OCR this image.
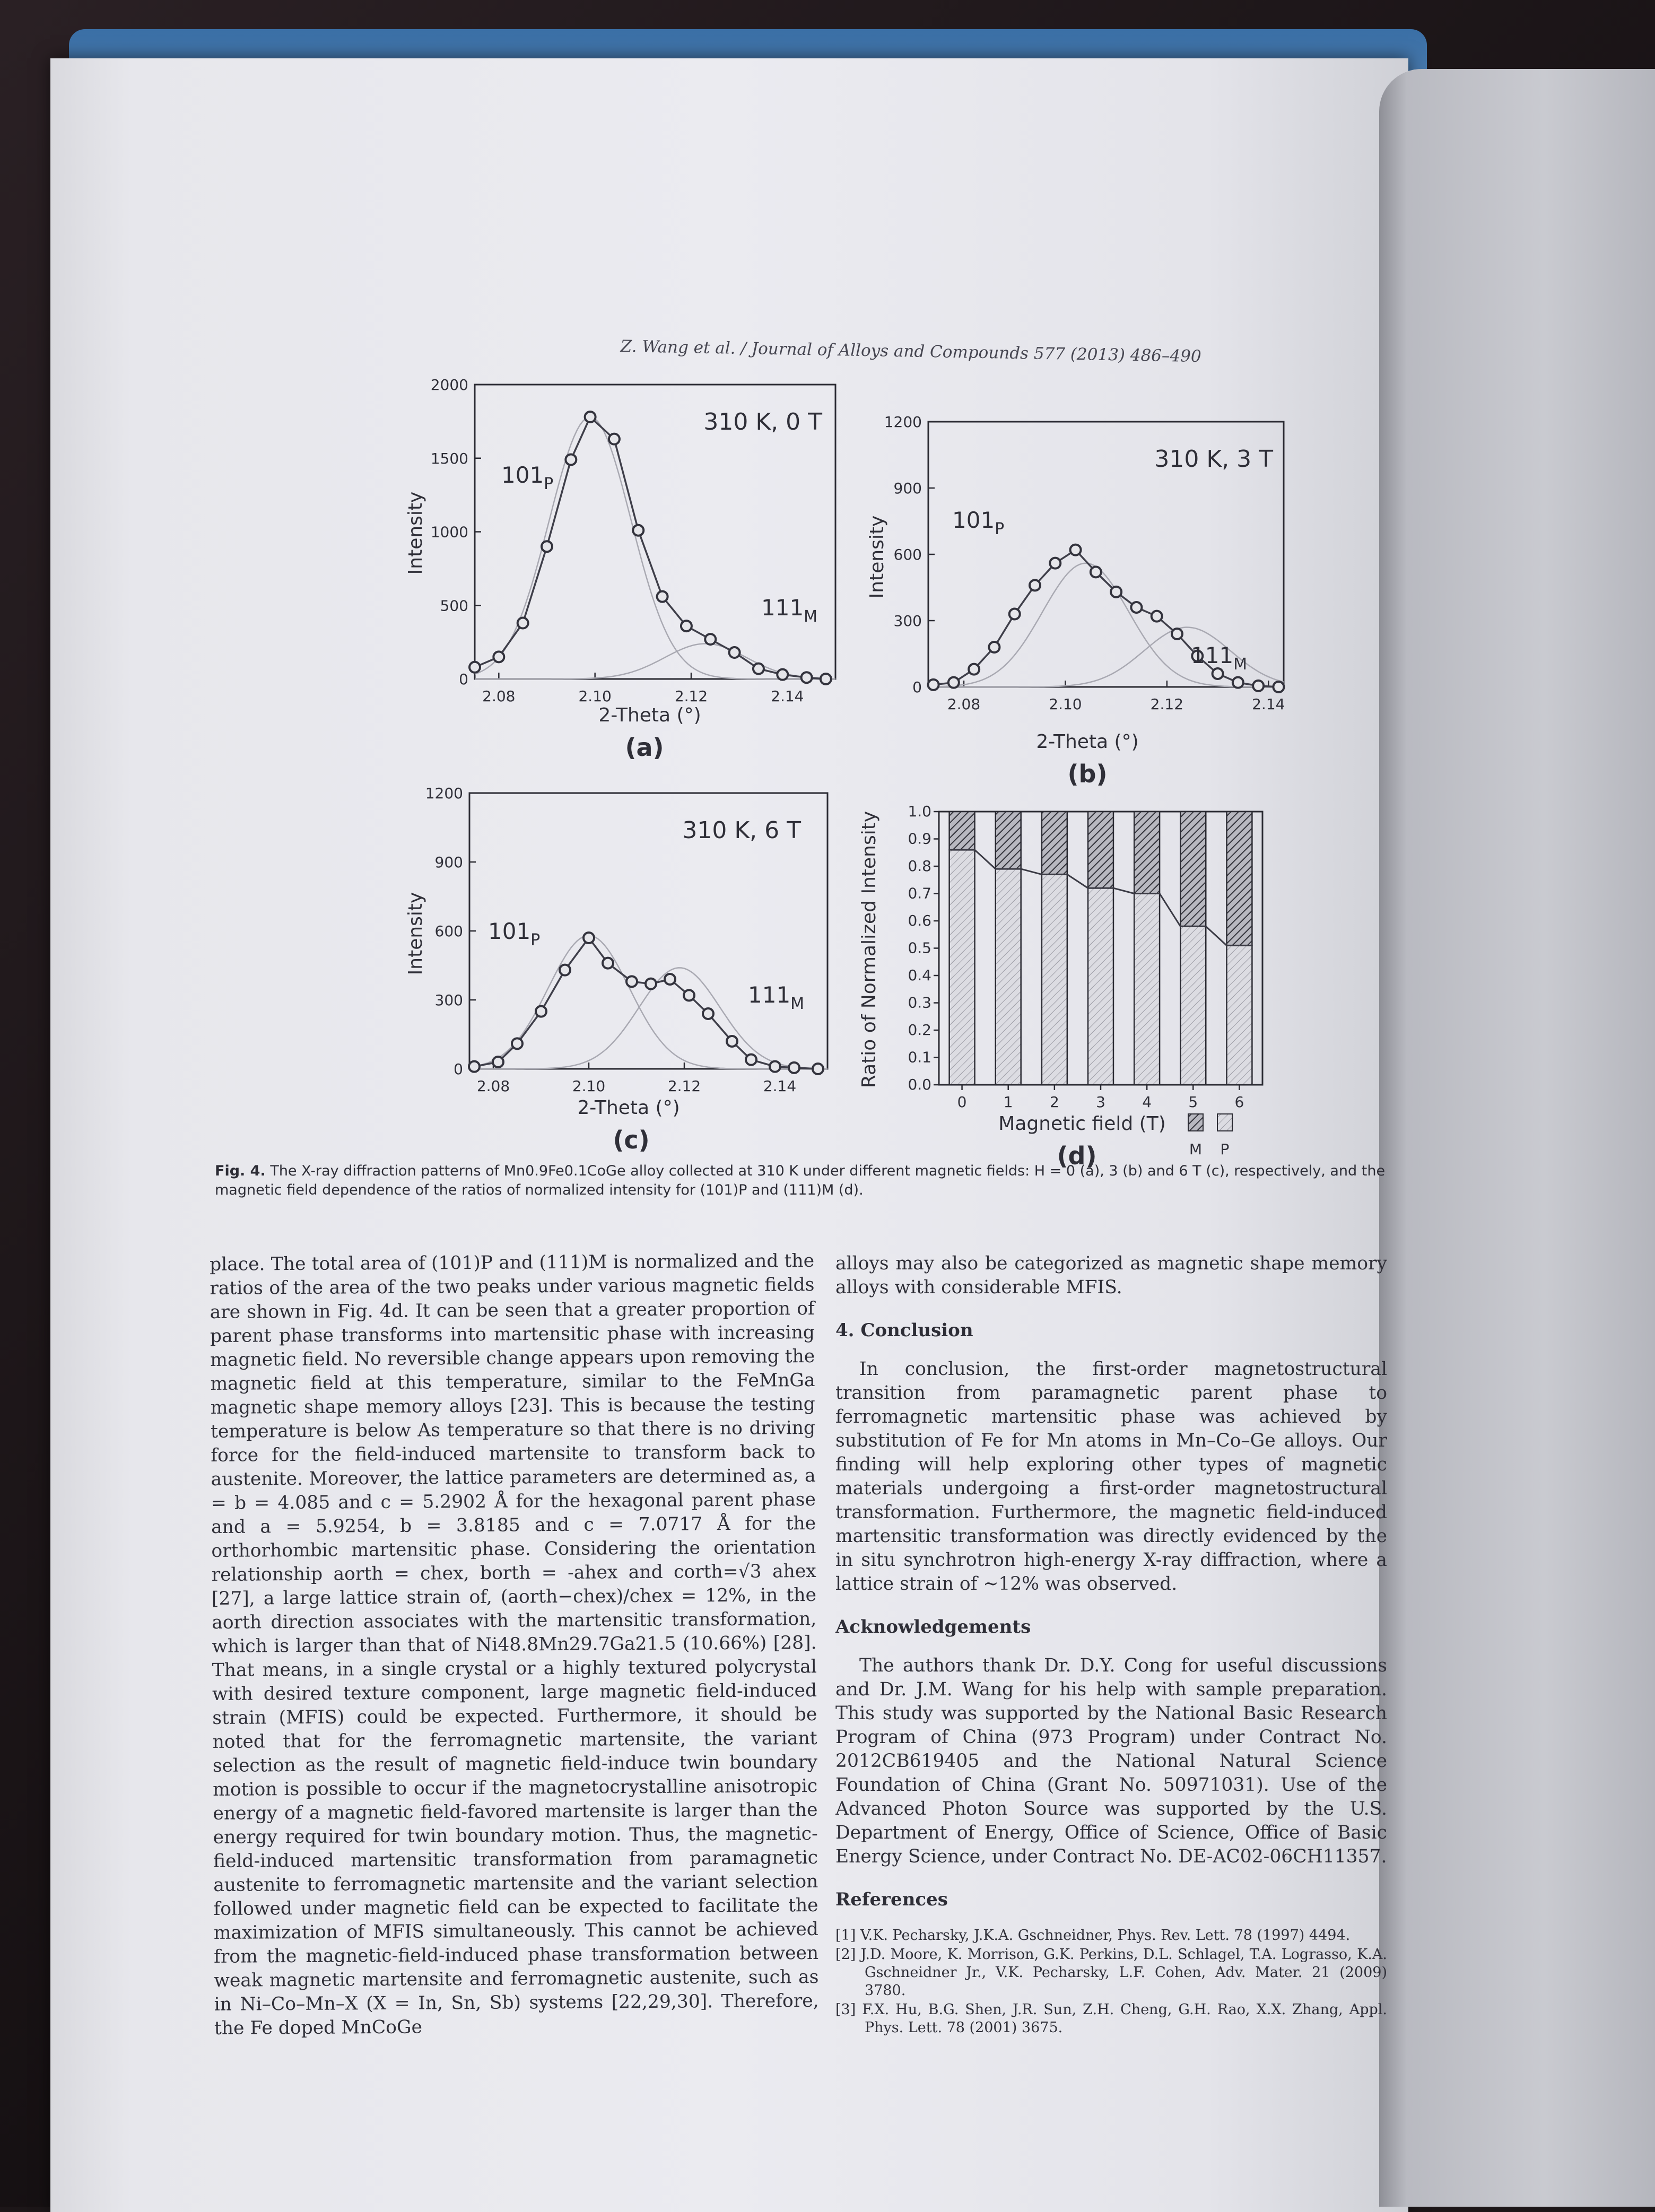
Z. Wang et al. / Journal of Alloys and Compounds 577 (2013) 486–490
2.08	2.10	2.12	2.14
0
500
1000
1500
2000
310 K, 0 T
$101_P$
$111_M$
2-Theta (°)
Intensity
(a)
2.08	2.10	2.12	2.14
0
300
600
900
1200
310 K, 3 T
$101_P$
$111_M$
2-Theta (°)
Intensity
(b)
2.08	2.10	2.12	2.14
0
300
600
900
1200
310 K, 6 T
$101_P$
$111_M$
2-Theta (°)
Intensity
(c)
0 1 2 3 4 5 6
0.0
0.1
0.2
0.3
0.4
0.5
0.6
0.7
0.8
0.9
1.0
Magnetic field (T)
Ratio of Normalized Intensity
M P
(d)
Fig. 4. The X-ray diffraction patterns of Mn0.9Fe0.1CoGe alloy collected at 310 K under different magnetic fields: H = 0 (a), 3 (b) and 6 T (c), respectively, and the magnetic field dependence of the ratios of normalized intensity for (101)P and (111)M (d).
place. The total area of (101)P and (111)M is normalized and the ratios of the area of the two peaks under various magnetic fields are shown in Fig. 4d. It can be seen that a greater proportion of parent phase transforms into martensitic phase with increasing magnetic field. No reversible change appears upon removing the magnetic field at this temperature, similar to the FeMnGa magnetic shape memory alloys [23]. This is because the testing temperature is below As temperature so that there is no driving force for the field-induced martensite to transform back to austenite. Moreover, the lattice parameters are determined as, a = b = 4.085 and c = 5.2902 Å for the hexagonal parent phase and a = 5.9254, b = 3.8185 and c = 7.0717 Å for the orthorhombic martensitic phase. Considering the orientation relationship aorth = chex, borth = -ahex and corth=√3 ahex [27], a large lattice strain of, (aorth−chex)/chex = 12%, in the aorth direction associates with the martensitic transformation, which is larger than that of Ni48.8Mn29.7Ga21.5 (10.66%) [28]. That means, in a single crystal or a highly textured polycrystal with desired texture component, large magnetic field-induced strain (MFIS) could be expected. Furthermore, it should be noted that for the ferromagnetic martensite, the variant selection as the result of magnetic field-induce twin boundary motion is possible to occur if the magnetocrystalline anisotropic energy of a magnetic field-favored martensite is larger than the energy required for twin boundary motion. Thus, the magnetic-field-induced martensitic transformation from paramagnetic austenite to ferromagnetic martensite and the variant selection followed under magnetic field can be expected to facilitate the maximization of MFIS simultaneously. This cannot be achieved from the magnetic-field-induced phase transformation between weak magnetic martensite and ferromagnetic austenite, such as in Ni–Co–Mn–X (X = In, Sn, Sb) systems [22,29,30]. Therefore, the Fe doped MnCoGe
alloys may also be categorized as magnetic shape memory alloys with considerable MFIS.
4. Conclusion
In conclusion, the first-order magnetostructural transition from paramagnetic parent phase to ferromagnetic martensitic phase was achieved by substitution of Fe for Mn atoms in Mn–Co–Ge alloys. Our finding will help exploring other types of magnetic materials undergoing a first-order magnetostructural transformation. Furthermore, the magnetic field-induced martensitic transformation was directly evidenced by the in situ synchrotron high-energy X-ray diffraction, where a lattice strain of ~12% was observed.
Acknowledgements
The authors thank Dr. D.Y. Cong for useful discussions and Dr. J.M. Wang for his help with sample preparation. This study was supported by the National Basic Research Program of China (973 Program) under Contract No. 2012CB619405 and the National Natural Science Foundation of China (Grant No. 50971031). Use of the Advanced Photon Source was supported by the U.S. Department of Energy, Office of Science, Office of Basic Energy Science, under Contract No. DE-AC02-06CH11357.
References
[1] V.K. Pecharsky, J.K.A. Gschneidner, Phys. Rev. Lett. 78 (1997) 4494.
[2] J.D. Moore, K. Morrison, G.K. Perkins, D.L. Schlagel, T.A. Lograsso, K.A. Gschneidner Jr., V.K. Pecharsky, L.F. Cohen, Adv. Mater. 21 (2009) 3780.
[3] F.X. Hu, B.G. Shen, J.R. Sun, Z.H. Cheng, G.H. Rao, X.X. Zhang, Appl. Phys. Lett. 78 (2001) 3675.
